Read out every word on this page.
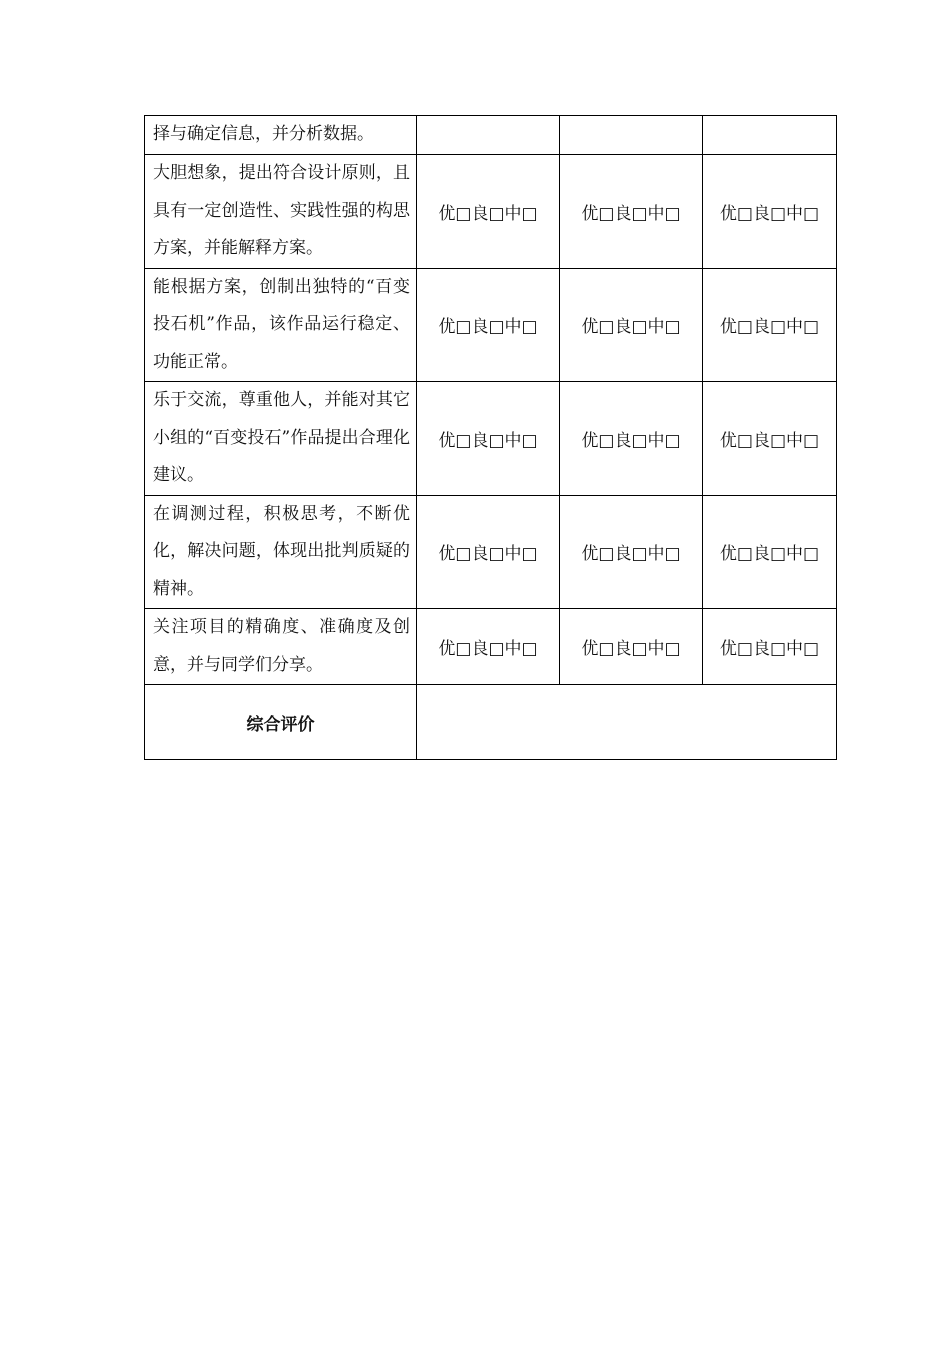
择与确定信息，并分析数据。			
大胆想象，提出符合设计原则，且具有一定创造性、实践性强的构思方案，并能解释方案。	优□良□中□	优□良□中□	优□良□中□
能根据方案，创制出独特的“百变投石机”作品，该作品运行稳定、功能正常。	优□良□中□	优□良□中□	优□良□中□
乐于交流，尊重他人，并能对其它小组的“百变投石”作品提出合理化建议。	优□良□中□	优□良□中□	优□良□中□
在调测过程，积极思考，不断优化，解决问题，体现出批判质疑的精神。	优□良□中□	优□良□中□	优□良□中□
关注项目的精确度、准确度及创意，并与同学们分享。	优□良□中□	优□良□中□	优□良□中□
综合评价			
